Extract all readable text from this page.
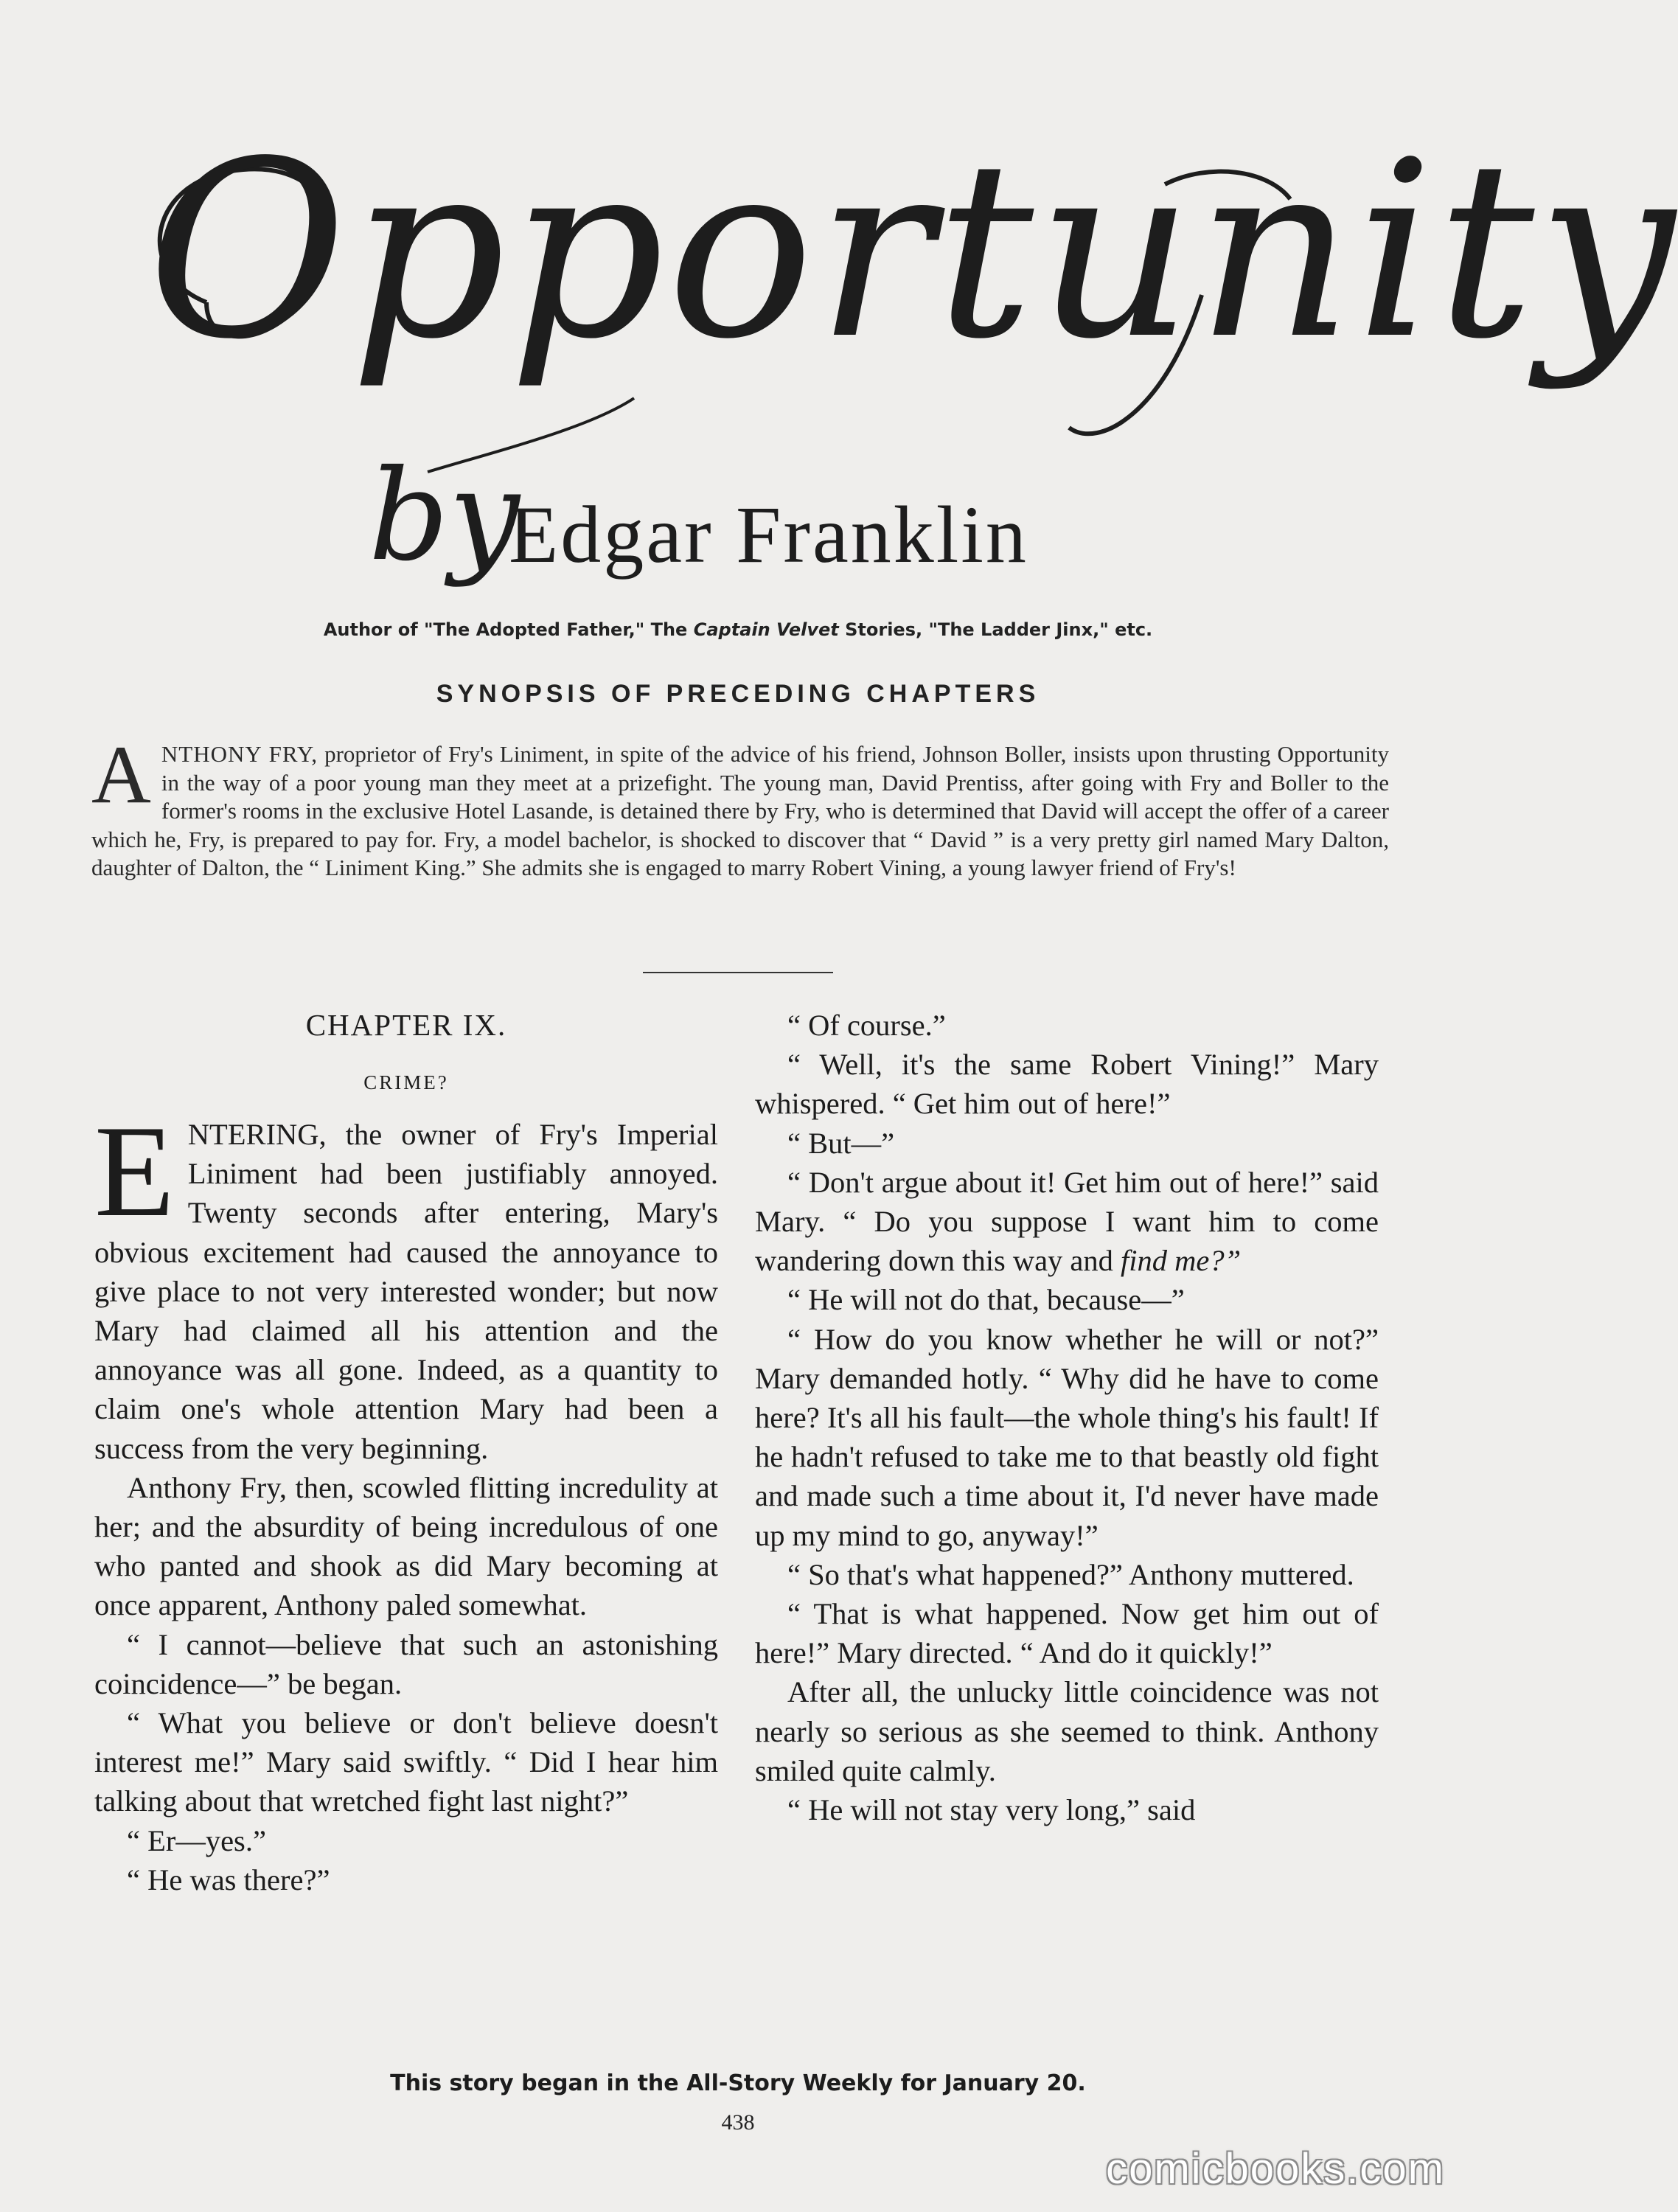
Opportunity
by
Edgar Franklin
Author of "The Adopted Father," The Captain Velvet Stories, "The Ladder Jinx," etc.
SYNOPSIS OF PRECEDING CHAPTERS
ANTHONY FRY, proprietor of Fry's Liniment, in spite of the advice of his friend, Johnson Boller, insists upon thrusting Opportunity in the way of a poor young man they meet at a prizefight. The young man, David Prentiss, after going with Fry and Boller to the former's rooms in the exclusive Hotel Lasande, is detained there by Fry, who is determined that David will accept the offer of a career which he, Fry, is prepared to pay for. Fry, a model bachelor, is shocked to discover that “ David ” is a very pretty girl named Mary Dalton, daughter of Dalton, the “ Liniment King.” She admits she is engaged to marry Robert Vining, a young lawyer friend of Fry's!
CHAPTER IX.
CRIME?

ENTERING, the owner of Fry's Imperial Liniment had been justifiably annoyed. Twenty seconds after entering, Mary's obvious excitement had caused the annoyance to give place to not very interested wonder; but now Mary had claimed all his attention and the annoyance was all gone. Indeed, as a quantity to claim one's whole attention Mary had been a success from the very beginning.

Anthony Fry, then, scowled flitting incredulity at her; and the absurdity of being incredulous of one who panted and shook as did Mary becoming at once apparent, Anthony paled somewhat.

“ I cannot—believe that such an astonishing coincidence—” be began.

“ What you believe or don't believe doesn't interest me!” Mary said swiftly. “ Did I hear him talking about that wretched fight last night?”

“ Er—yes.”

“ He was there?”

“ Of course.”

“ Well, it's the same Robert Vining!” Mary whispered. “ Get him out of here!”

“ But—”

“ Don't argue about it! Get him out of here!” said Mary. “ Do you suppose I want him to come wandering down this way and find me?”

“ He will not do that, because—”

“ How do you know whether he will or not?” Mary demanded hotly. “ Why did he have to come here? It's all his fault—the whole thing's his fault! If he hadn't refused to take me to that beastly old fight and made such a time about it, I'd never have made up my mind to go, anyway!”

“ So that's what happened?” Anthony muttered.

“ That is what happened. Now get him out of here!” Mary directed. “ And do it quickly!”

After all, the unlucky little coincidence was not nearly so serious as she seemed to think. Anthony smiled quite calmly.

“ He will not stay very long,” said

This story began in the All-Story Weekly for January 20.
438
comicbooks.com
